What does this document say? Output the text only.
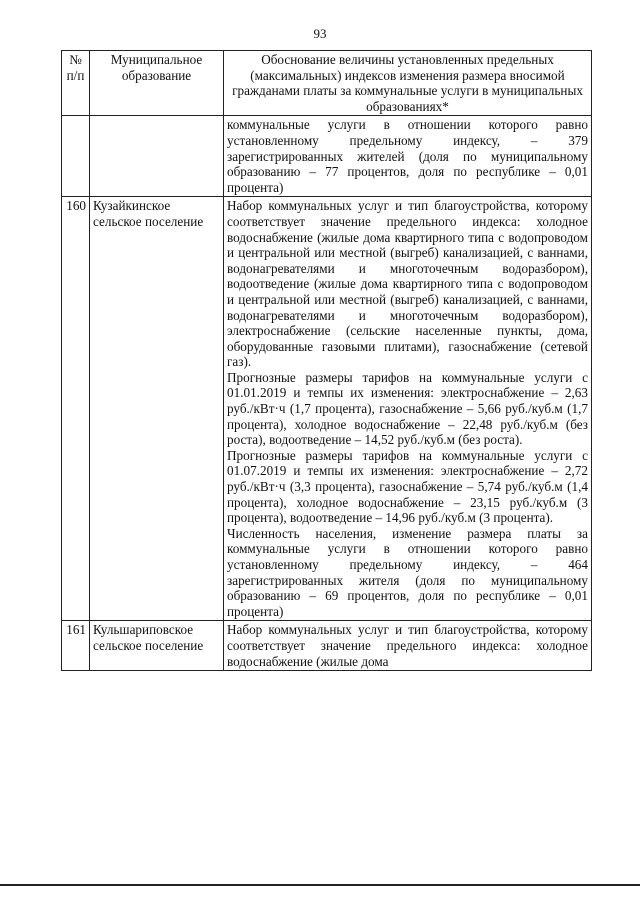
93
№ п/п	Муниципальное образование	Обоснование величины установленных предельных (максимальных) индексов изменения размера вносимой гражданами платы за коммунальные услуги в муниципальных образованиях*

		коммунальные услуги в отношении которого равно установленному предельному индексу, – 379 зарегистрированных жителей (доля по муниципальному образованию – 77 процентов, доля по республике – 0,01 процента)

160	Кузайкинское сельское поселение	Набор коммунальных услуг и тип благоустройства, которому соответствует значение предельного индекса: холодное водоснабжение (жилые дома квартирного типа с водопроводом и центральной или местной (выгреб) канализацией, с ваннами, водонагревателями и многоточечным водоразбором), водоотведение (жилые дома квартирного типа с водопроводом и центральной или местной (выгреб) канализацией, с ваннами, водонагревателями и многоточечным водоразбором), электроснабжение (сельские населенные пункты, дома, оборудованные газовыми плитами), газоснабжение (сетевой газ).

Прогнозные размеры тарифов на коммунальные услуги с 01.01.2019 и темпы их изменения: электроснабжение – 2,63 руб./кВт·ч (1,7 процента), газоснабжение – 5,66 руб./куб.м (1,7 процента), холодное водоснабжение – 22,48 руб./куб.м (без роста), водоотведение – 14,52 руб./куб.м (без роста).

Прогнозные размеры тарифов на коммунальные услуги с 01.07.2019 и темпы их изменения: электроснабжение – 2,72 руб./кВт·ч (3,3 процента), газоснабжение – 5,74 руб./куб.м (1,4 процента), холодное водоснабжение – 23,15 руб./куб.м (3 процента), водоотведение – 14,96 руб./куб.м (3 процента).

Численность населения, изменение размера платы за коммунальные услуги в отношении которого равно установленному предельному индексу, – 464 зарегистрированных жителя (доля по муниципальному образованию – 69 процентов, доля по республике – 0,01 процента)

161	Кульшариповское сельское поселение	Набор коммунальных услуг и тип благоустройства, которому соответствует значение предельного индекса: холодное водоснабжение (жилые дома
